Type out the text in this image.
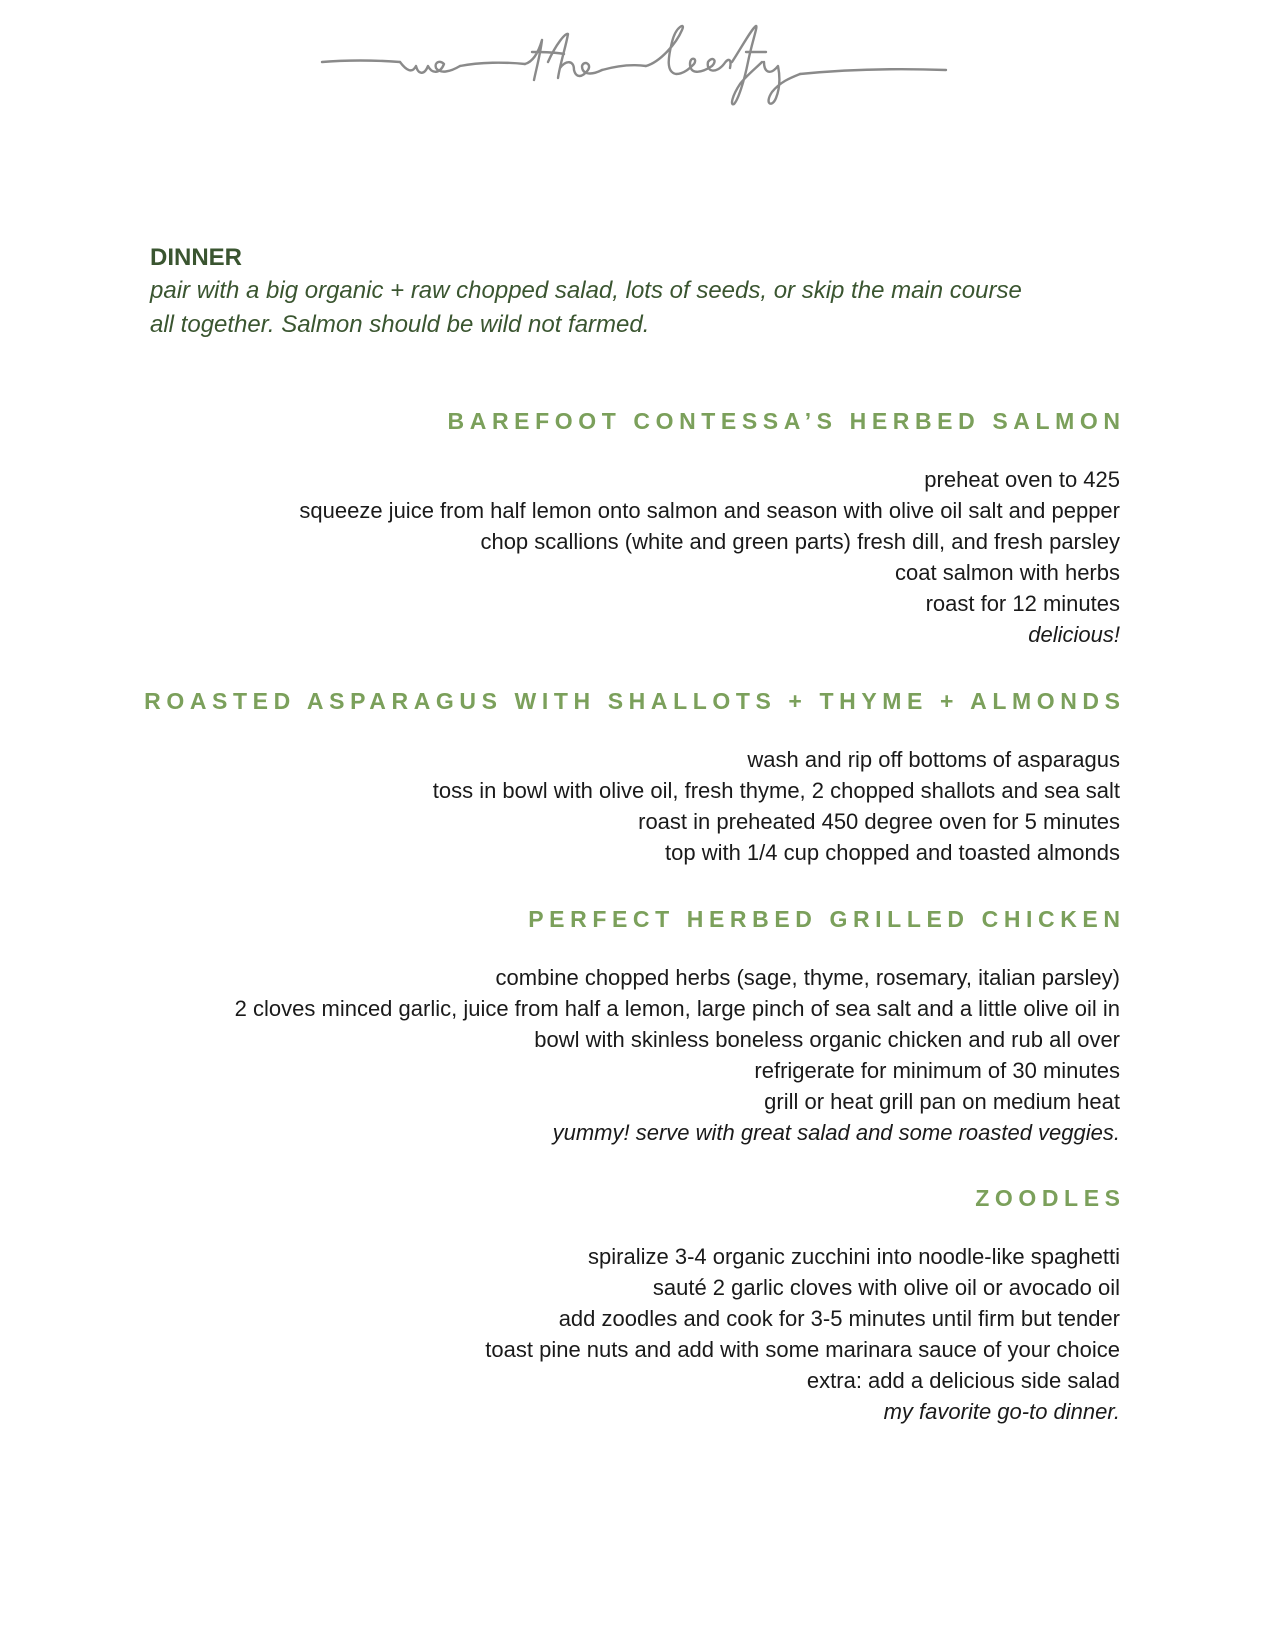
DINNER
pair with a big organic + raw chopped salad, lots of seeds, or skip the main course
all together. Salmon should be wild not farmed.
BAREFOOT CONTESSA’S HERBED SALMON
preheat oven to 425
squeeze juice from half lemon onto salmon and season with olive oil salt and pepper
chop scallions (white and green parts) fresh dill, and fresh parsley
coat salmon with herbs
roast for 12 minutes
delicious!
ROASTED ASPARAGUS WITH SHALLOTS + THYME + ALMONDS
wash and rip off bottoms of asparagus
toss in bowl with olive oil, fresh thyme, 2 chopped shallots and sea salt
roast in preheated 450 degree oven for 5 minutes
top with 1/4 cup chopped and toasted almonds
PERFECT HERBED GRILLED CHICKEN
combine chopped herbs (sage, thyme, rosemary, italian parsley)
2 cloves minced garlic, juice from half a lemon, large pinch of sea salt and a little olive oil in
bowl with skinless boneless organic chicken and rub all over
refrigerate for minimum of 30 minutes
grill or heat grill pan on medium heat
yummy! serve with great salad and some roasted veggies.
ZOODLES
spiralize 3-4 organic zucchini into noodle-like spaghetti
sauté 2 garlic cloves with olive oil or avocado oil
add zoodles and cook for 3-5 minutes until firm but tender
toast pine nuts and add with some marinara sauce of your choice
extra: add a delicious side salad
my favorite go-to dinner.
